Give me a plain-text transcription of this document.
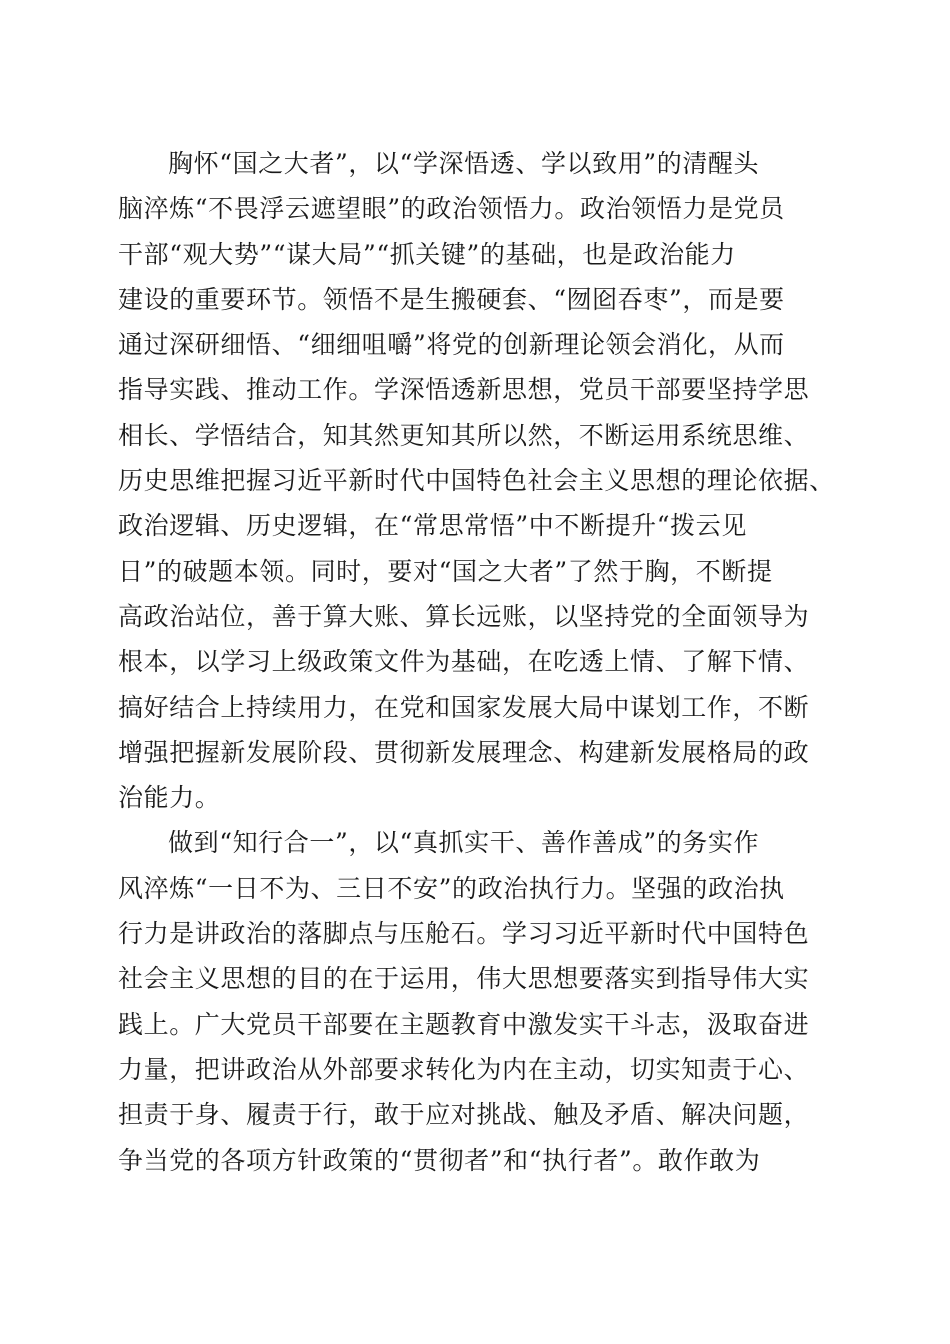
胸怀“国之大者”，以“学深悟透、学以致用”的清醒头
脑淬炼“不畏浮云遮望眼”的政治领悟力。政治领悟力是党员
干部“观大势”“谋大局”“抓关键”的基础，也是政治能力
建设的重要环节。领悟不是生搬硬套、“囫囵吞枣”，而是要
通过深研细悟、“细细咀嚼”将党的创新理论领会消化，从而
指导实践、推动工作。学深悟透新思想，党员干部要坚持学思
相长、学悟结合，知其然更知其所以然，不断运用系统思维、
历史思维把握习近平新时代中国特色社会主义思想的理论依据、
政治逻辑、历史逻辑，在“常思常悟”中不断提升“拨云见
日”的破题本领。同时，要对“国之大者”了然于胸，不断提
高政治站位，善于算大账、算长远账，以坚持党的全面领导为
根本，以学习上级政策文件为基础，在吃透上情、了解下情、
搞好结合上持续用力，在党和国家发展大局中谋划工作，不断
增强把握新发展阶段、贯彻新发展理念、构建新发展格局的政
治能力。
做到“知行合一”，以“真抓实干、善作善成”的务实作
风淬炼“一日不为、三日不安”的政治执行力。坚强的政治执
行力是讲政治的落脚点与压舱石。学习习近平新时代中国特色
社会主义思想的目的在于运用，伟大思想要落实到指导伟大实
践上。广大党员干部要在主题教育中激发实干斗志，汲取奋进
力量，把讲政治从外部要求转化为内在主动，切实知责于心、
担责于身、履责于行，敢于应对挑战、触及矛盾、解决问题，
争当党的各项方针政策的“贯彻者”和“执行者”。敢作敢为
